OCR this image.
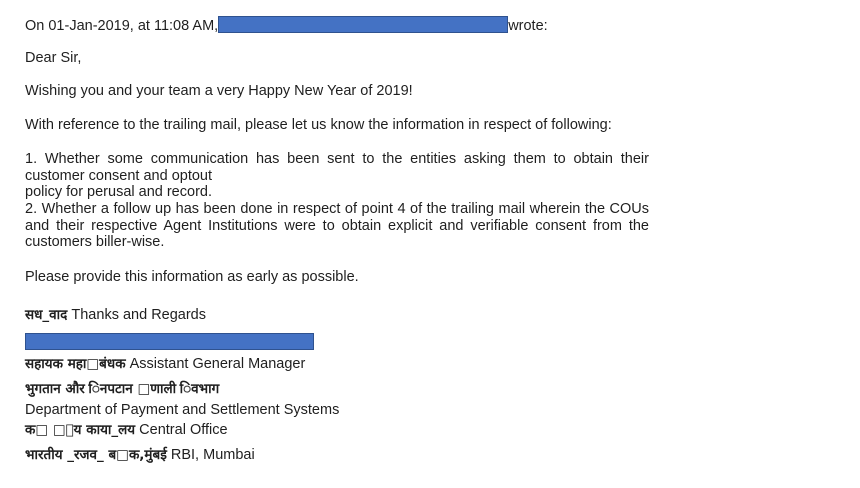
On 01-Jan-2019, at 11:08 AM,	wrote:
Dear Sir,
Wishing you and your team a very Happy New Year of 2019!
With reference to the trailing mail, please let us know the information in respect of following:
1. Whether some communication has been sent to the entities asking them to obtain their customer consent and optout
policy for perusal and record.
2. Whether a follow up has been done in respect of point 4 of the trailing mail wherein the COUs and their respective Agent Institutions were to obtain explicit and verifiable consent from the customers biller-wise.
Please provide this information as early as possible.
सध_वाद Thanks and Regards
सहायक महा□बंधक Assistant General Manager
भुगतान और िनपटान □णाली िवभाग
Department of Payment and Settlement Systems
क□ □ीय काया_लय Central Office
भारतीय _रजव_ ब□क,मुंबई RBI, Mumbai
